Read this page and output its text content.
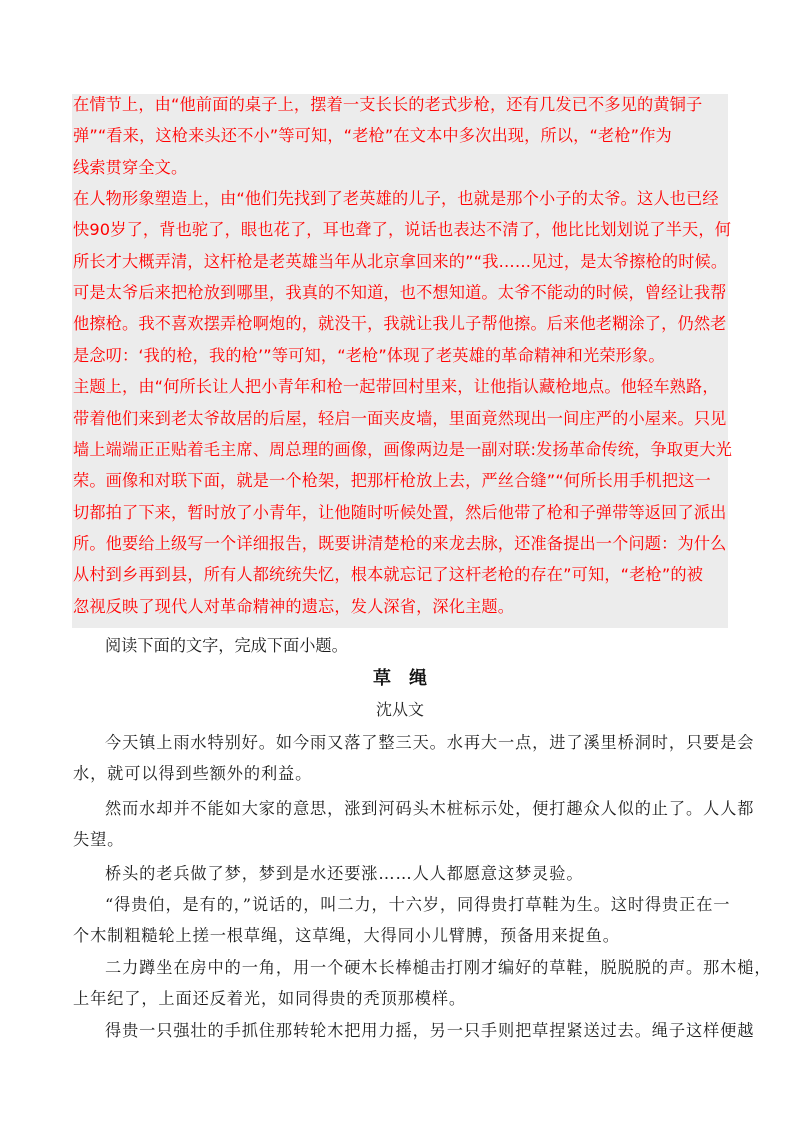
在情节上，由“他前面的桌子上，摆着一支长长的老式步枪，还有几发已不多见的黄铜子
弹”“看来，这枪来头还不小”等可知，“老枪”在文本中多次出现，所以，“老枪”作为
线索贯穿全文。
在人物形象塑造上，由“他们先找到了老英雄的儿子，也就是那个小子的太爷。这人也已经
快90岁了，背也驼了，眼也花了，耳也聋了，说话也表达不清了，他比比划划说了半天，何
所长才大概弄清，这杆枪是老英雄当年从北京拿回来的”“我……见过，是太爷擦枪的时候。
可是太爷后来把枪放到哪里，我真的不知道，也不想知道。太爷不能动的时候，曾经让我帮
他擦枪。我不喜欢摆弄枪啊炮的，就没干，我就让我儿子帮他擦。后来他老糊涂了，仍然老
是念叨：‘我的枪，我的枪’”等可知，“老枪”体现了老英雄的革命精神和光荣形象。
主题上，由“何所长让人把小青年和枪一起带回村里来，让他指认藏枪地点。他轻车熟路，
带着他们来到老太爷故居的后屋，轻启一面夹皮墙，里面竟然现出一间庄严的小屋来。只见
墙上端端正正贴着毛主席、周总理的画像，画像两边是一副对联:发扬革命传统，争取更大光
荣。画像和对联下面，就是一个枪架，把那杆枪放上去，严丝合缝”“何所长用手机把这一
切都拍了下来，暂时放了小青年，让他随时听候处置，然后他带了枪和子弹带等返回了派出
所。他要给上级写一个详细报告，既要讲清楚枪的来龙去脉，还准备提出一个问题：为什么
从村到乡再到县，所有人都统统失忆，根本就忘记了这杆老枪的存在”可知，“老枪”的被
忽视反映了现代人对革命精神的遗忘，发人深省，深化主题。
阅读下面的文字，完成下面小题。
草　绳
沈从文
今天镇上雨水特别好。如今雨又落了整三天。水再大一点，进了溪里桥洞时，只要是会
水，就可以得到些额外的利益。
然而水却并不能如大家的意思，涨到河码头木桩标示处，便打趣众人似的止了。人人都
失望。
桥头的老兵做了梦，梦到是水还要涨……人人都愿意这梦灵验。
“得贵伯，是有的，”说话的，叫二力，十六岁，同得贵打草鞋为生。这时得贵正在一
个木制粗糙轮上搓一根草绳，这草绳，大得同小儿臂膊，预备用来捉鱼。
二力蹲坐在房中的一角，用一个硬木长棒槌击打刚才编好的草鞋，脱脱脱的声。那木槌，
上年纪了，上面还反着光，如同得贵的秃顶那模样。
得贵一只强壮的手抓住那转轮木把用力摇，另一只手则把草捏紧送过去。绳子这样便越
